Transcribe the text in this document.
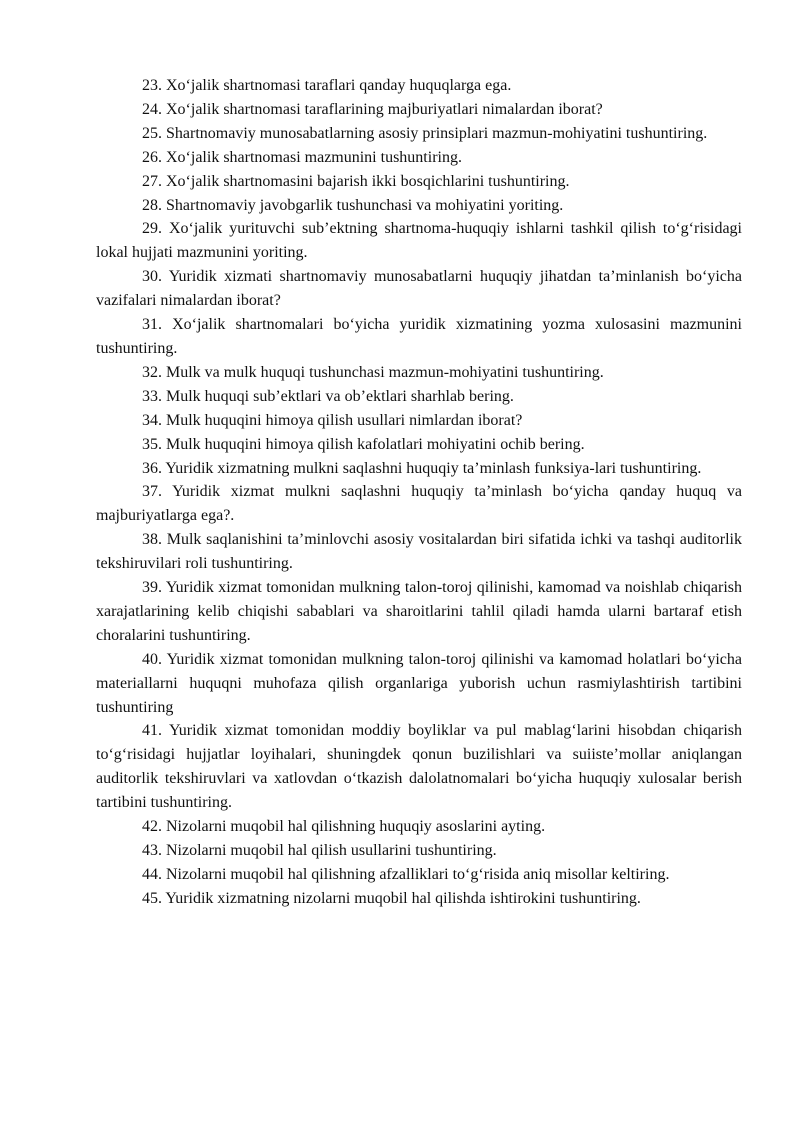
23. Xo‘jalik shartnomasi taraflari qanday huquqlarga ega.

24. Xo‘jalik shartnomasi taraflarining majburiyatlari nimalardan iborat?

25. Shartnomaviy munosabatlarning asosiy prinsiplari mazmun-mohiyatini tushuntiring.

26. Xo‘jalik shartnomasi mazmunini tushuntiring.

27. Xo‘jalik shartnomasini bajarish ikki bosqichlarini tushuntiring.

28. Shartnomaviy javobgarlik tushunchasi va mohiyatini yoriting.

29. Xo‘jalik yurituvchi sub’ektning shartnoma-huquqiy ishlarni tashkil qilish to‘g‘risidagi lokal hujjati mazmunini yoriting.

30. Yuridik xizmati shartnomaviy munosabatlarni huquqiy jihatdan ta’minlanish bo‘yicha vazifalari nimalardan iborat?

31. Xo‘jalik shartnomalari bo‘yicha yuridik xizmatining yozma xulosasini mazmunini tushuntiring.

32. Mulk va mulk huquqi tushunchasi mazmun-mohiyatini tushuntiring.

33. Mulk huquqi sub’ektlari va ob’ektlari sharhlab bering.

34. Mulk huquqini himoya qilish usullari nimlardan iborat?

35. Mulk huquqini himoya qilish kafolatlari mohiyatini ochib bering.

36. Yuridik xizmatning mulkni saqlashni huquqiy ta’minlash funksiya-lari tushuntiring.

37. Yuridik xizmat mulkni saqlashni huquqiy ta’minlash bo‘yicha qanday huquq va majburiyatlarga ega?.

38. Mulk saqlanishini ta’minlovchi asosiy vositalardan biri sifatida ichki va tashqi auditorlik tekshiruvilari roli tushuntiring.

39. Yuridik xizmat tomonidan mulkning talon-toroj qilinishi, kamomad va noishlab chiqarish xarajatlarining kelib chiqishi sabablari va sharoitlarini tahlil qiladi hamda ularni bartaraf etish choralarini tushuntiring.

40. Yuridik xizmat tomonidan mulkning talon-toroj qilinishi va kamomad holatlari bo‘yicha materiallarni huquqni muhofaza qilish organlariga yuborish uchun rasmiylashtirish tartibini tushuntiring

41. Yuridik xizmat tomonidan moddiy boyliklar va pul mablag‘larini hisobdan chiqarish to‘g‘risidagi hujjatlar loyihalari, shuningdek qonun buzilishlari va suiiste’mollar aniqlangan auditorlik tekshiruvlari va xatlovdan o‘tkazish dalolatnomalari bo‘yicha huquqiy xulosalar berish tartibini tushuntiring.

42. Nizolarni muqobil hal qilishning huquqiy asoslarini ayting.

43. Nizolarni muqobil hal qilish usullarini tushuntiring.

44. Nizolarni muqobil hal qilishning afzalliklari to‘g‘risida aniq misollar keltiring.

45. Yuridik xizmatning nizolarni muqobil hal qilishda ishtirokini tushuntiring.
